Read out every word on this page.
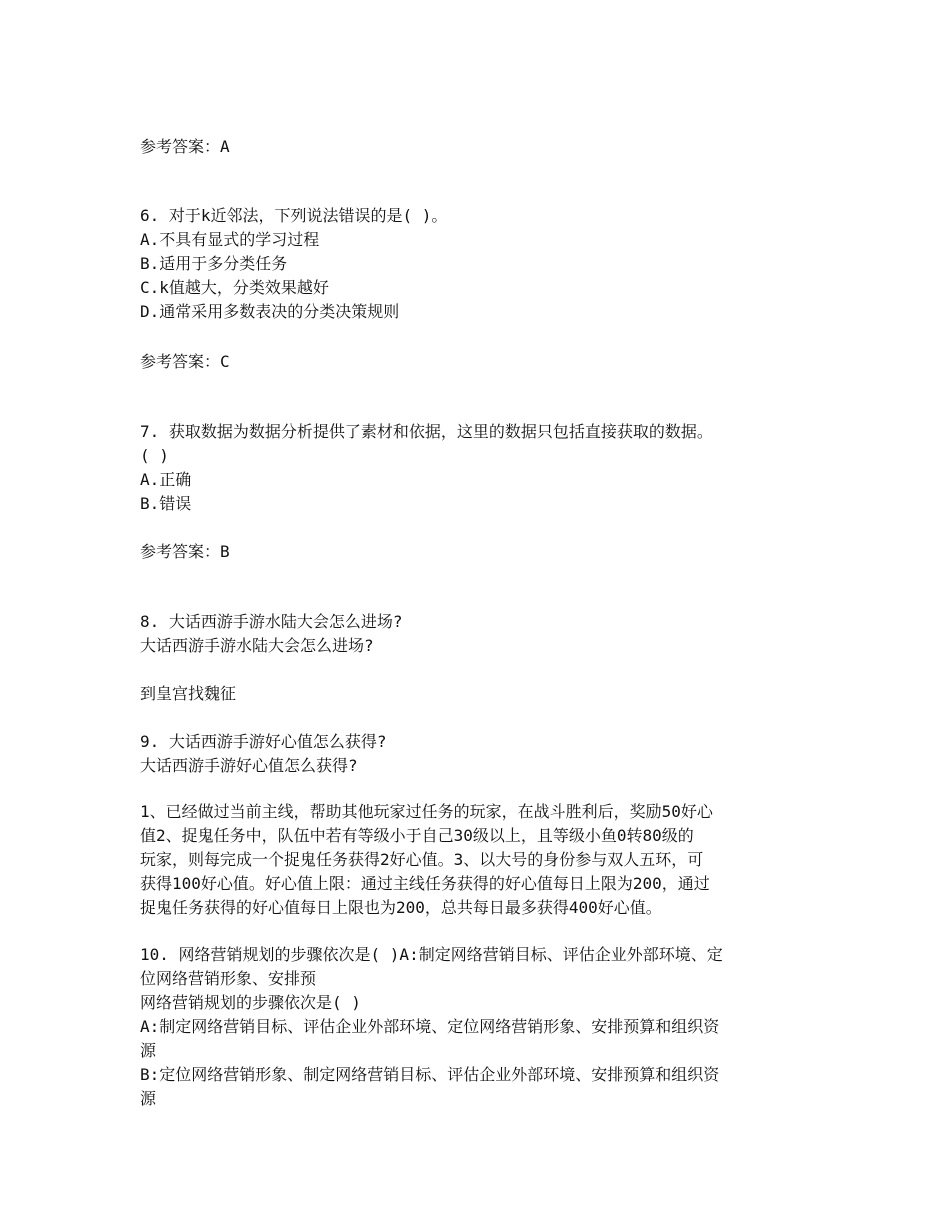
参考答案：A
6. 对于k近邻法，下列说法错误的是( )。
A.不具有显式的学习过程
B.适用于多分类任务
C.k值越大，分类效果越好
D.通常采用多数表决的分类决策规则
参考答案：C
7. 获取数据为数据分析提供了素材和依据，这里的数据只包括直接获取的数据。
( )
A.正确
B.错误
参考答案：B
8. 大话西游手游水陆大会怎么进场?
大话西游手游水陆大会怎么进场?
到皇宫找魏征
9. 大话西游手游好心值怎么获得?
大话西游手游好心值怎么获得?
1、已经做过当前主线，帮助其他玩家过任务的玩家，在战斗胜利后，奖励50好心
值2、捉鬼任务中，队伍中若有等级小于自己30级以上，且等级小鱼0转80级的
玩家，则每完成一个捉鬼任务获得2好心值。3、以大号的身份参与双人五环，可
获得100好心值。好心值上限：通过主线任务获得的好心值每日上限为200，通过
捉鬼任务获得的好心值每日上限也为200，总共每日最多获得400好心值。
10. 网络营销规划的步骤依次是( )A:制定网络营销目标、评估企业外部环境、定
位网络营销形象、安排预
网络营销规划的步骤依次是( )
A:制定网络营销目标、评估企业外部环境、定位网络营销形象、安排预算和组织资
源
B:定位网络营销形象、制定网络营销目标、评估企业外部环境、安排预算和组织资
源
